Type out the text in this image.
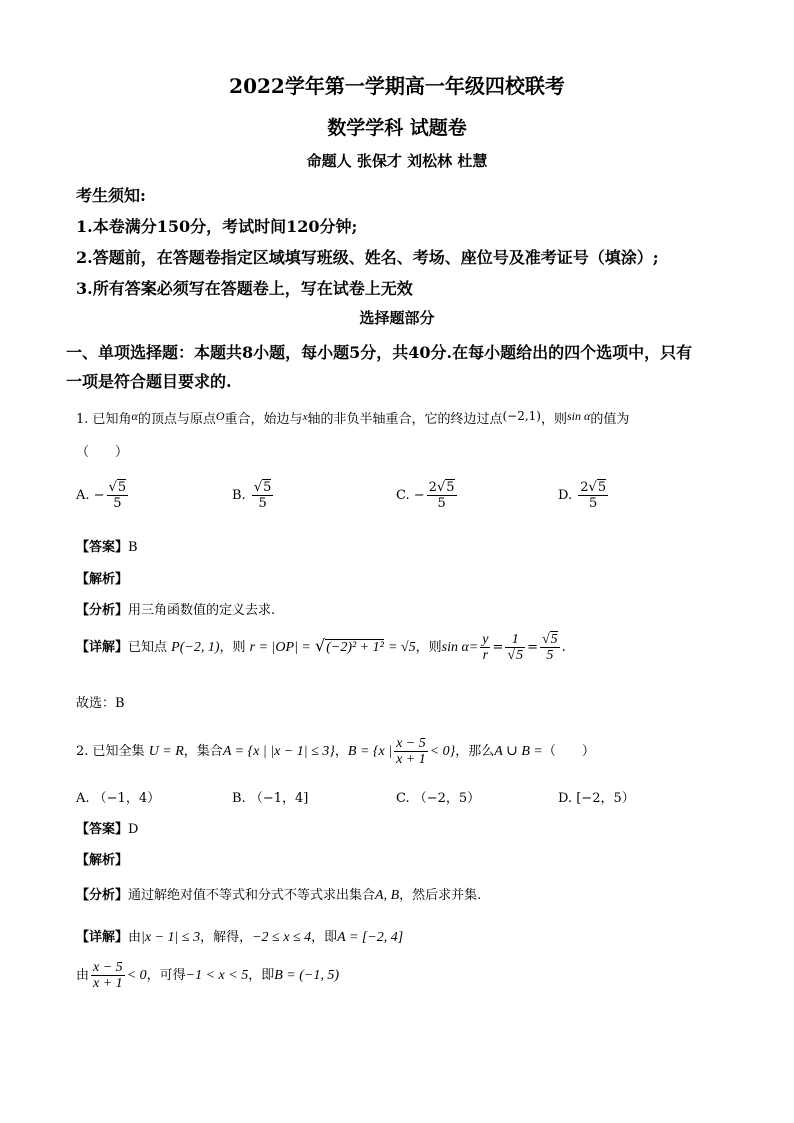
2022学年第一学期高一年级四校联考
数学学科 试题卷
命题人 张保才 刘松林 杜慧
考生须知:
1.本卷满分150分，考试时间120分钟;
2.答题前，在答题卷指定区域填写班级、姓名、考场、座位号及准考证号（填涂）;
3.所有答案必须写在答题卷上，写在试卷上无效
选择题部分
一、单项选择题：本题共8小题，每小题5分，共40分.在每小题给出的四个选项中，只有
一项是符合题目要求的.
1. 已知角α的顶点与原点O重合，始边与$^x$轴的非负半轴重合，它的终边过点(−2,1)，则sin α的值为
（　　）
A. − $\frac{√5}{5}$	B. $\frac{√5}{5}$	C. − $\frac{2√5}{5}$	D. $\frac{2√5}{5}$
【答案】B
【解析】
【分析】用三角函数值的定义去求.
【详解】已知点 P(−2, 1)，则 r = |OP| = √(−2)² + 1² = √5，则$\sin \alpha= \frac{y}{r} = \frac{1}{√5} = \frac{√5}{5}$ .
故选：B
2. 已知全集 U = R，集合A = {x | |x − 1| ≤ 3}，B = {x | $\frac{x - 5}{x + 1} < 0$}，那么A ∪ B =（　　）
A. （−1，4）	B. （−1，4]	C. （−2，5）	D. [−2，5）
【答案】D
【解析】
【分析】通过解绝对值不等式和分式不等式求出集合A, B，然后求并集.
【详解】由|x − 1| ≤ 3，解得，−2 ≤ x ≤ 4，即A = [−2, 4]
由 $\frac{x - 5}{x + 1} < 0$，可得−1 < x < 5，即B = (−1, 5)
